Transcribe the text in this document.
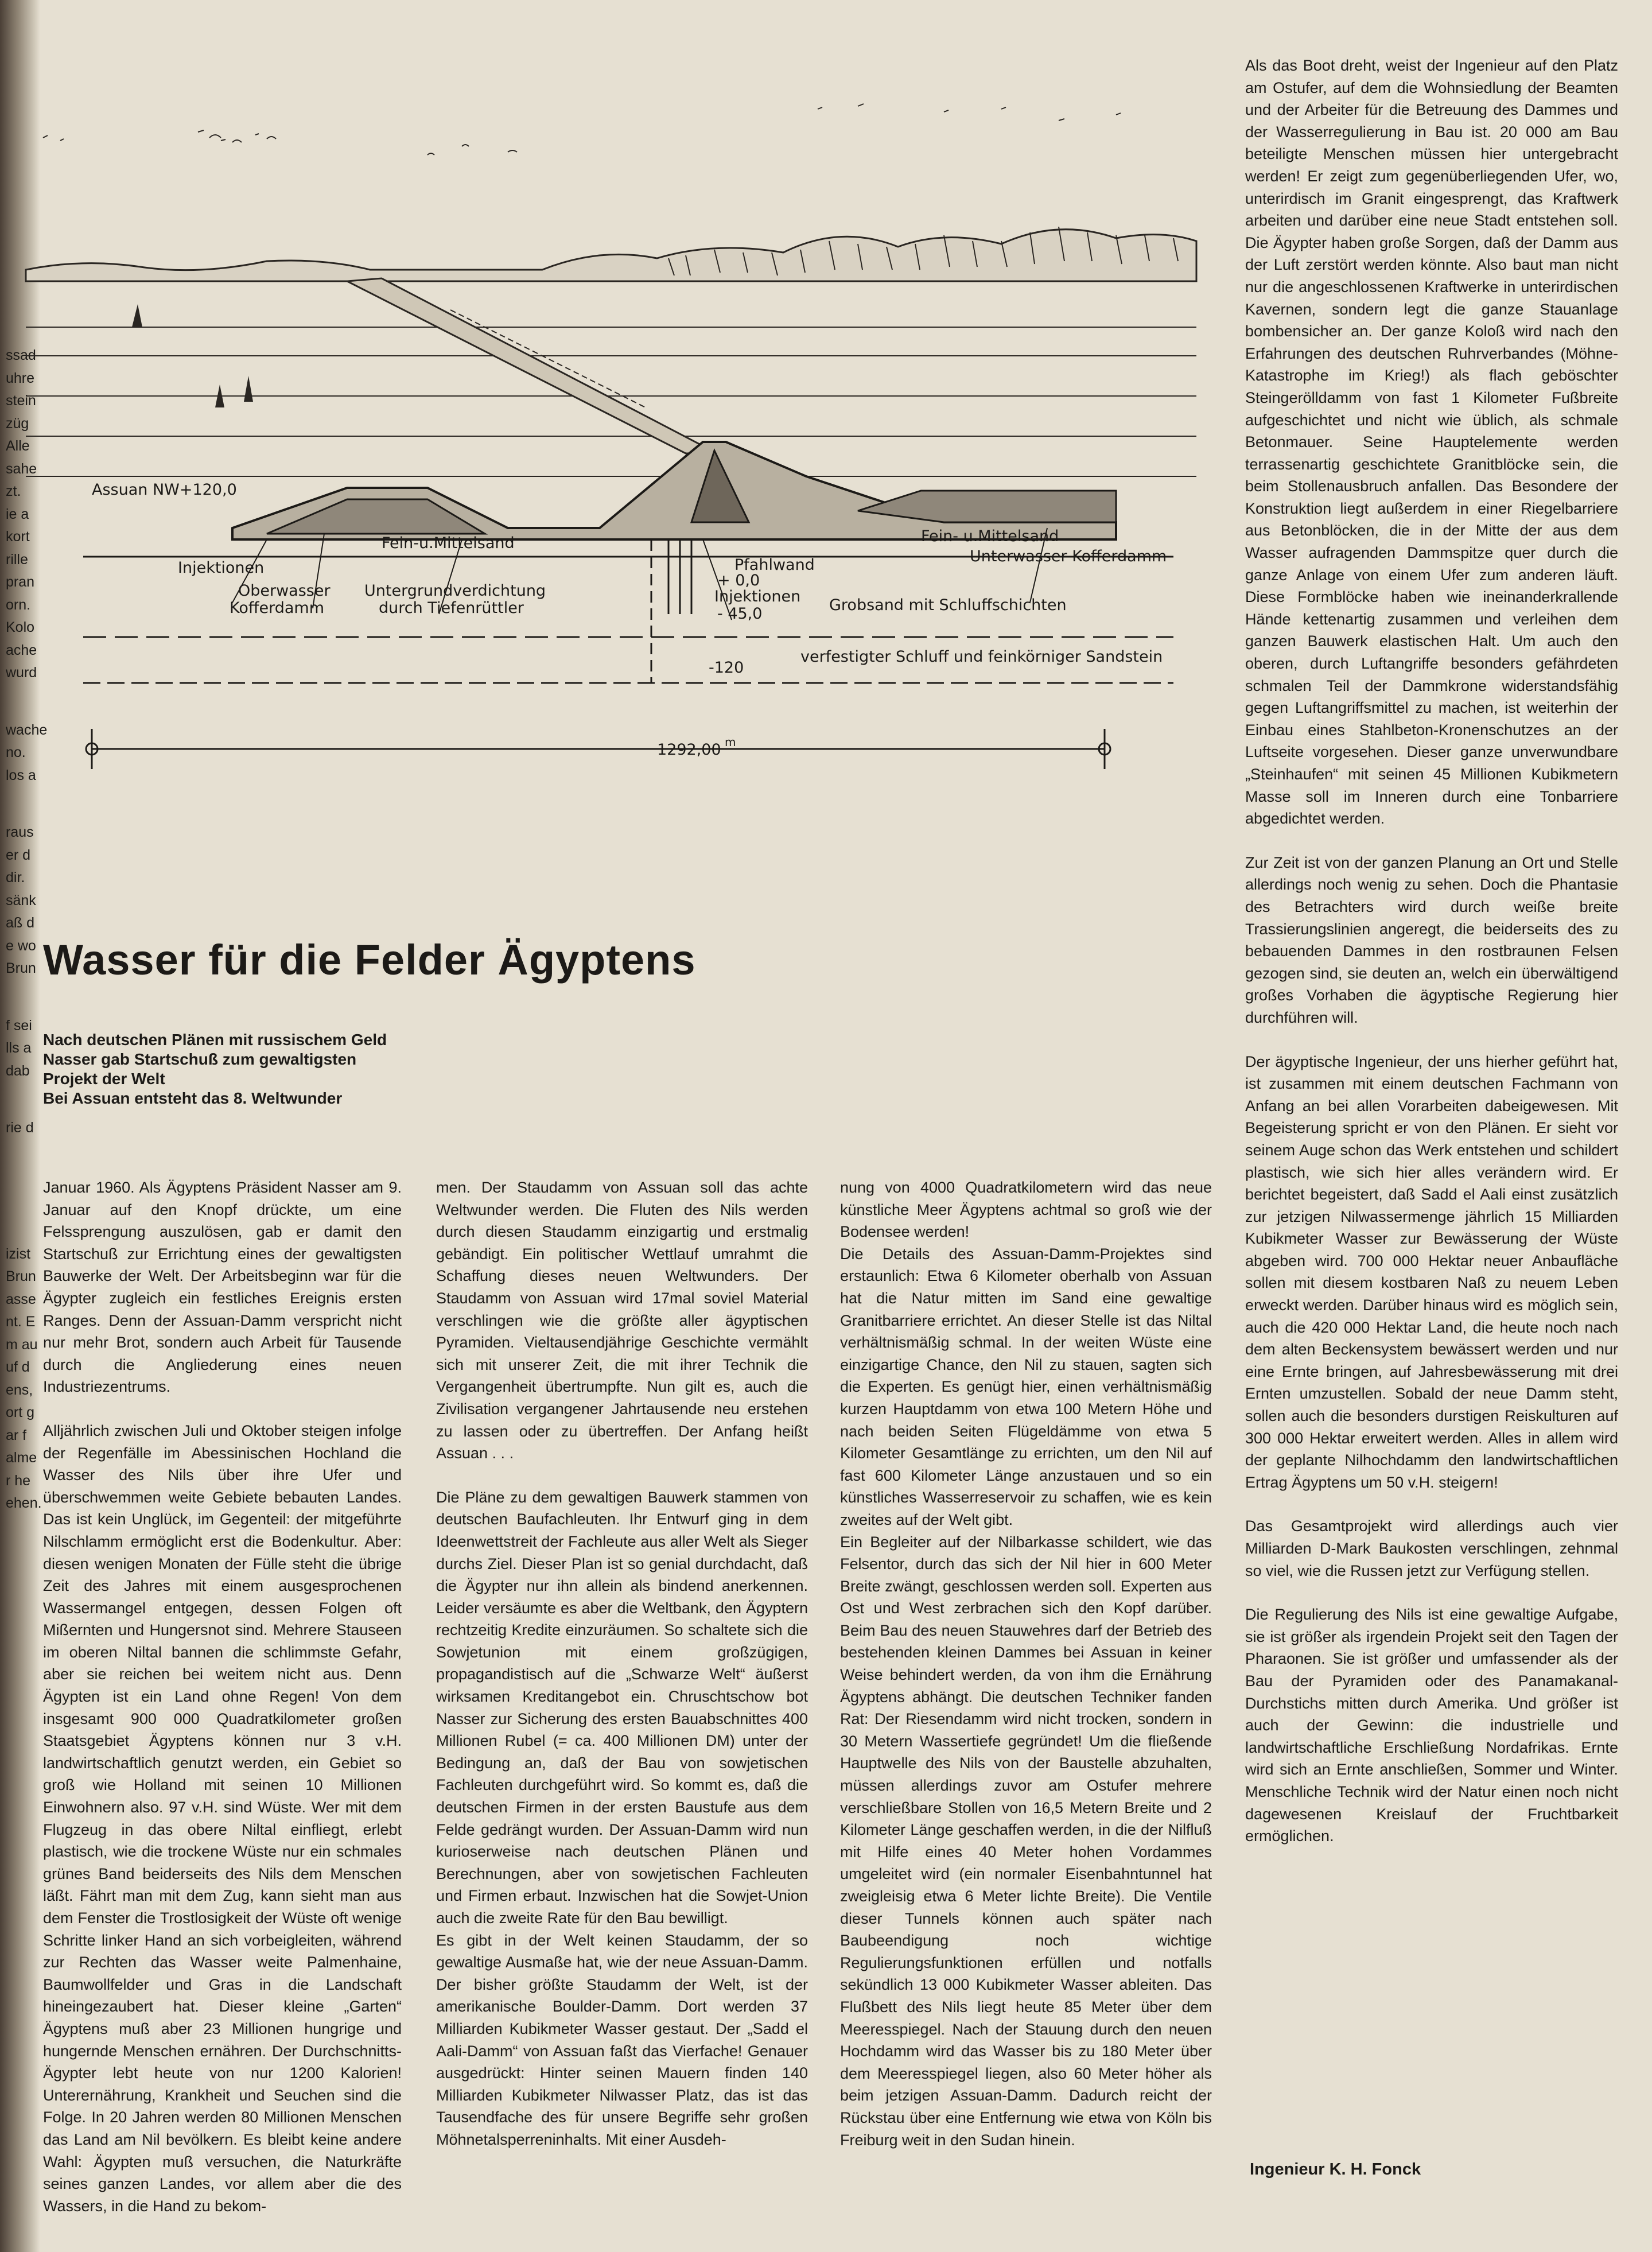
ssad
uhre
stein
züg
Alle
sahe
zt.
ie a
kort
rille
pran
orn.
Kolo
ache
wurd
wache
no.
los a
raus
er d
dir.
sänk
aß d
e wo
Brun
f sei
lls a
dab
rie d
izist
Brun
asse
nt. E
m au
uf d
ens,
ort g
ar f
alme
r he
ehen.
Assuan NW+120,0
Fein-u.Mittelsand	Fein- u.Mittelsand
Injektionen
Oberwasser
Kofferdamm
Untergrundverdichtung
durch Tiefenrüttler
Pfahlwand
+ 0,0
Injektionen
- 45,0
Unterwasser Kofferdamm
Grobsand mit Schluffschichten
-120
verfestigter Schluff und feinkörniger Sandstein
1292,00 m
Wasser für die Felder Ägyptens
Nach deutschen Plänen mit russischem Geld
Nasser gab Startschuß zum gewaltigsten Projekt der Welt
Bei Assuan entsteht das 8. Weltwunder

Januar 1960. Als Ägyptens Präsident Nasser am 9. Januar auf den Knopf drückte, um eine Felssprengung auszulösen, gab er damit den Startschuß zur Errichtung eines der gewaltigsten Bauwerke der Welt. Der Arbeitsbeginn war für die Ägypter zugleich ein festliches Ereignis ersten Ranges. Denn der Assuan-Damm verspricht nicht nur mehr Brot, sondern auch Arbeit für Tausende durch die Angliederung eines neuen Industriezentrums.

Alljährlich zwischen Juli und Oktober steigen infolge der Regenfälle im Abessinischen Hochland die Wasser des Nils über ihre Ufer und überschwemmen weite Gebiete bebauten Landes. Das ist kein Unglück, im Gegenteil: der mitgeführte Nilschlamm ermöglicht erst die Bodenkultur. Aber: diesen wenigen Monaten der Fülle steht die übrige Zeit des Jahres mit einem ausgesprochenen Wassermangel entgegen, dessen Folgen oft Mißernten und Hungersnot sind. Mehrere Stauseen im oberen Niltal bannen die schlimmste Gefahr, aber sie reichen bei weitem nicht aus. Denn Ägypten ist ein Land ohne Regen! Von dem insgesamt 900 000 Quadratkilometer großen Staatsgebiet Ägyptens können nur 3 v.H. landwirtschaftlich genutzt werden, ein Gebiet so groß wie Holland mit seinen 10 Millionen Einwohnern also. 97 v.H. sind Wüste. Wer mit dem Flugzeug in das obere Niltal einfliegt, erlebt plastisch, wie die trockene Wüste nur ein schmales grünes Band beiderseits des Nils dem Menschen läßt. Fährt man mit dem Zug, kann sieht man aus dem Fenster die Trostlosigkeit der Wüste oft wenige Schritte linker Hand an sich vorbeigleiten, während zur Rechten das Wasser weite Palmenhaine, Baumwollfelder und Gras in die Landschaft hineingezaubert hat. Dieser kleine „Garten“ Ägyptens muß aber 23 Millionen hungrige und hungernde Menschen ernähren. Der Durchschnitts-Ägypter lebt heute von nur 1200 Kalorien! Unterernährung, Krankheit und Seuchen sind die Folge. In 20 Jahren werden 80 Millionen Menschen das Land am Nil bevölkern. Es bleibt keine andere Wahl: Ägypten muß versuchen, die Naturkräfte seines ganzen Landes, vor allem aber die des Wassers, in die Hand zu bekom-

men. Der Staudamm von Assuan soll das achte Weltwunder werden. Die Fluten des Nils werden durch diesen Staudamm einzigartig und erstmalig gebändigt. Ein politischer Wettlauf umrahmt die Schaffung dieses neuen Weltwunders. Der Staudamm von Assuan wird 17mal soviel Material verschlingen wie die größte aller ägyptischen Pyramiden. Vieltausendjährige Geschichte vermählt sich mit unserer Zeit, die mit ihrer Technik die Vergangenheit übertrumpfte. Nun gilt es, auch die Zivilisation vergangener Jahrtausende neu erstehen zu lassen oder zu übertreffen. Der Anfang heißt Assuan . . .

Die Pläne zu dem gewaltigen Bauwerk stammen von deutschen Baufachleuten. Ihr Entwurf ging in dem Ideenwettstreit der Fachleute aus aller Welt als Sieger durchs Ziel. Dieser Plan ist so genial durchdacht, daß die Ägypter nur ihn allein als bindend anerkennen. Leider versäumte es aber die Weltbank, den Ägyptern rechtzeitig Kredite einzuräumen. So schaltete sich die Sowjetunion mit einem großzügigen, propagandistisch auf die „Schwarze Welt“ äußerst wirksamen Kreditangebot ein. Chruschtschow bot Nasser zur Sicherung des ersten Bauabschnittes 400 Millionen Rubel (= ca. 400 Millionen DM) unter der Bedingung an, daß der Bau von sowjetischen Fachleuten durchgeführt wird. So kommt es, daß die deutschen Firmen in der ersten Baustufe aus dem Felde gedrängt wurden. Der Assuan-Damm wird nun kurioserweise nach deutschen Plänen und Berechnungen, aber von sowjetischen Fachleuten und Firmen erbaut. Inzwischen hat die Sowjet-Union auch die zweite Rate für den Bau bewilligt.

Es gibt in der Welt keinen Staudamm, der so gewaltige Ausmaße hat, wie der neue Assuan-Damm. Der bisher größte Staudamm der Welt, ist der amerikanische Boulder-Damm. Dort werden 37 Milliarden Kubikmeter Wasser gestaut. Der „Sadd el Aali-Damm“ von Assuan faßt das Vierfache! Genauer ausgedrückt: Hinter seinen Mauern finden 140 Milliarden Kubikmeter Nilwasser Platz, das ist das Tausendfache des für unsere Begriffe sehr großen Möhnetalsperreninhalts. Mit einer Ausdeh-

nung von 4000 Quadratkilometern wird das neue künstliche Meer Ägyptens achtmal so groß wie der Bodensee werden!

Die Details des Assuan-Damm-Projektes sind erstaunlich: Etwa 6 Kilometer oberhalb von Assuan hat die Natur mitten im Sand eine gewaltige Granitbarriere errichtet. An dieser Stelle ist das Niltal verhältnismäßig schmal. In der weiten Wüste eine einzigartige Chance, den Nil zu stauen, sagten sich die Experten. Es genügt hier, einen verhältnismäßig kurzen Hauptdamm von etwa 100 Metern Höhe und nach beiden Seiten Flügeldämme von etwa 5 Kilometer Gesamtlänge zu errichten, um den Nil auf fast 600 Kilometer Länge anzustauen und so ein künstliches Wasserreservoir zu schaffen, wie es kein zweites auf der Welt gibt.

Ein Begleiter auf der Nilbarkasse schildert, wie das Felsentor, durch das sich der Nil hier in 600 Meter Breite zwängt, geschlossen werden soll. Experten aus Ost und West zerbrachen sich den Kopf darüber. Beim Bau des neuen Stauwehres darf der Betrieb des bestehenden kleinen Dammes bei Assuan in keiner Weise behindert werden, da von ihm die Ernährung Ägyptens abhängt. Die deutschen Techniker fanden Rat: Der Riesendamm wird nicht trocken, sondern in 30 Metern Wassertiefe gegründet! Um die fließende Hauptwelle des Nils von der Baustelle abzuhalten, müssen allerdings zuvor am Ostufer mehrere verschließbare Stollen von 16,5 Metern Breite und 2 Kilometer Länge geschaffen werden, in die der Nilfluß mit Hilfe eines 40 Meter hohen Vordammes umgeleitet wird (ein normaler Eisenbahntunnel hat zweigleisig etwa 6 Meter lichte Breite). Die Ventile dieser Tunnels können auch später nach Baubeendigung noch wichtige Regulierungsfunktionen erfüllen und notfalls sekündlich 13 000 Kubikmeter Wasser ableiten. Das Flußbett des Nils liegt heute 85 Meter über dem Meeresspiegel. Nach der Stauung durch den neuen Hochdamm wird das Wasser bis zu 180 Meter über dem Meeresspiegel liegen, also 60 Meter höher als beim jetzigen Assuan-Damm. Dadurch reicht der Rückstau über eine Entfernung wie etwa von Köln bis Freiburg weit in den Sudan hinein.

Als das Boot dreht, weist der Ingenieur auf den Platz am Ostufer, auf dem die Wohnsiedlung der Beamten und der Arbeiter für die Betreuung des Dammes und der Wasserregulierung in Bau ist. 20 000 am Bau beteiligte Menschen müssen hier untergebracht werden! Er zeigt zum gegenüberliegenden Ufer, wo, unterirdisch im Granit eingesprengt, das Kraftwerk arbeiten und darüber eine neue Stadt entstehen soll. Die Ägypter haben große Sorgen, daß der Damm aus der Luft zerstört werden könnte. Also baut man nicht nur die angeschlossenen Kraftwerke in unterirdischen Kavernen, sondern legt die ganze Stauanlage bombensicher an. Der ganze Koloß wird nach den Erfahrungen des deutschen Ruhrverbandes (Möhne-Katastrophe im Krieg!) als flach geböschter Steingerölldamm von fast 1 Kilometer Fußbreite aufgeschichtet und nicht wie üblich, als schmale Betonmauer. Seine Hauptelemente werden terrassenartig geschichtete Granitblöcke sein, die beim Stollenausbruch anfallen. Das Besondere der Konstruktion liegt außerdem in einer Riegelbarriere aus Betonblöcken, die in der Mitte der aus dem Wasser aufragenden Dammspitze quer durch die ganze Anlage von einem Ufer zum anderen läuft. Diese Formblöcke haben wie ineinanderkrallende Hände kettenartig zusammen und verleihen dem ganzen Bauwerk elastischen Halt. Um auch den oberen, durch Luftangriffe besonders gefährdeten schmalen Teil der Dammkrone widerstandsfähig gegen Luftangriffsmittel zu machen, ist weiterhin der Einbau eines Stahlbeton-Kronenschutzes an der Luftseite vorgesehen. Dieser ganze unverwundbare „Steinhaufen“ mit seinen 45 Millionen Kubikmetern Masse soll im Inneren durch eine Tonbarriere abgedichtet werden.

Zur Zeit ist von der ganzen Planung an Ort und Stelle allerdings noch wenig zu sehen. Doch die Phantasie des Betrachters wird durch weiße breite Trassierungslinien angeregt, die beiderseits des zu bebauenden Dammes in den rostbraunen Felsen gezogen sind, sie deuten an, welch ein überwältigend großes Vorhaben die ägyptische Regierung hier durchführen will.

Der ägyptische Ingenieur, der uns hierher geführt hat, ist zusammen mit einem deutschen Fachmann von Anfang an bei allen Vorarbeiten dabeigewesen. Mit Begeisterung spricht er von den Plänen. Er sieht vor seinem Auge schon das Werk entstehen und schildert plastisch, wie sich hier alles verändern wird. Er berichtet begeistert, daß Sadd el Aali einst zusätzlich zur jetzigen Nilwassermenge jährlich 15 Milliarden Kubikmeter Wasser zur Bewässerung der Wüste abgeben wird. 700 000 Hektar neuer Anbaufläche sollen mit diesem kostbaren Naß zu neuem Leben erweckt werden. Darüber hinaus wird es möglich sein, auch die 420 000 Hektar Land, die heute noch nach dem alten Beckensystem bewässert werden und nur eine Ernte bringen, auf Jahresbewässerung mit drei Ernten umzustellen. Sobald der neue Damm steht, sollen auch die besonders durstigen Reiskulturen auf 300 000 Hektar erweitert werden. Alles in allem wird der geplante Nilhochdamm den landwirtschaftlichen Ertrag Ägyptens um 50 v.H. steigern!

Das Gesamtprojekt wird allerdings auch vier Milliarden D-Mark Baukosten verschlingen, zehnmal so viel, wie die Russen jetzt zur Verfügung stellen.

Die Regulierung des Nils ist eine gewaltige Aufgabe, sie ist größer als irgendein Projekt seit den Tagen der Pharaonen. Sie ist größer und umfassender als der Bau der Pyramiden oder des Panamakanal-Durchstichs mitten durch Amerika. Und größer ist auch der Gewinn: die industrielle und landwirtschaftliche Erschließung Nordafrikas. Ernte wird sich an Ernte anschließen, Sommer und Winter. Menschliche Technik wird der Natur einen noch nicht dagewesenen Kreislauf der Fruchtbarkeit ermöglichen.

Ingenieur K. H. Fonck
